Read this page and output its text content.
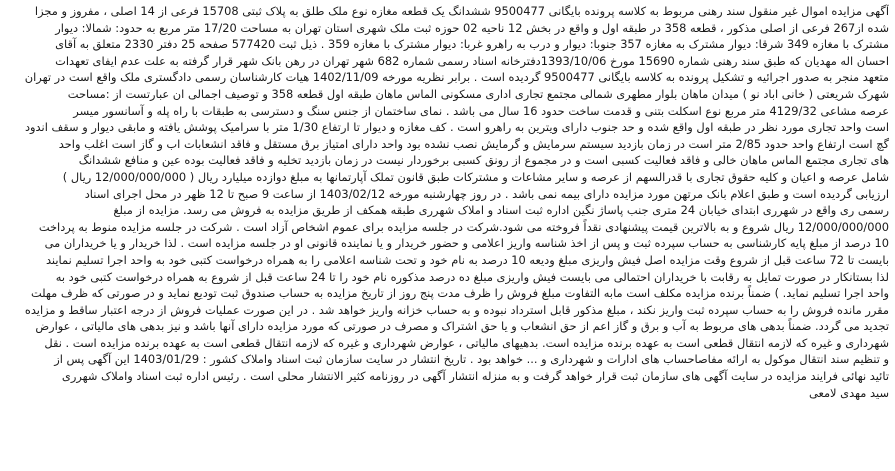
آگهی مزایده اموال غیر منقول سند رهنی مربوط به کلاسه پرونده بایگانی 9500477 ششدانگ یک قطعه مغازه نوع ملک طلق به پلاک ثبتی 15708 فرعی از 14 اصلی ، مفروز و مجزا
شده از267 فرعی از اصلی مذکور ، قطعه 358 در طبقه اول و واقع در بخش 12 ناحیه 02 حوزه ثبت ملک شهری استان تهران به مساحت 17/20 متر مربع به حدود: شمالا: دیوار
مشترک با مغازه 349 شرقا: دیوار مشترک به مغازه 357 جنوبا: دیوار و درب به راهرو غربا: دیوار مشترک با مغازه 359 . ذیل ثبت 577420 صفحه 25 دفتر 2330 متعلق به آقای
احسان اله مهدیان که طبق سند رهنی شماره 15690 مورخ 1393/10/06دفترخانه اسناد رسمی شماره 682 شهر تهران در رهن بانک شهر قرار گرفته به علت عدم ایفای تعهدات
متعهد منجر به صدور اجرائیه و تشکیل پرونده به کلاسه بایگانی 9500477 گردیده است . برابر نظریه مورخه 1402/11/09 هیات کارشناسان رسمی دادگستری ملک واقع است در تهران
شهرک شریعتی ( خانی اباد نو ) میدان ماهان بلوار مطهری شمالی مجتمع تجاری اداری مسکونی الماس ماهان طبقه اول قطعه 358 و توصیف اجمالی ان عبارتست از :مساحت
عرصه مشاعی 4129/32 متر مربع نوع اسکلت بتنی و قدمت ساخت حدود 16 سال می باشد . نمای ساختمان از جنس سنگ و دسترسی به طبقات با راه پله و آسانسور میسر
است واحد تجاری مورد نظر در طبقه اول واقع شده و حد جنوب دارای ویترین به راهرو است . کف مغازه و دیوار تا ارتفاع 1/30 متر با سرامیک پوشش یافته و مابقی دیوار و سقف اندود
گچ است ارتفاع واحد حدود 2/85 متر است در زمان بازدید سیستم سرمایش و گرمایش نصب نشده بود واحد دارای امتیاز برق مستقل و فاقد انشعابات اب و گاز است اغلب واحد
های تجاری مجتمع الماس ماهان خالی و فاقد فعالیت کسبی است و در مجموع از رونق کسبی برخوردار نیست در زمان بازدید تخلیه و فاقد فعالیت بوده عین و منافع ششدانگ
شامل عرصه و اعیان و کلیه حقوق تجاری با قدرالسهم از عرصه و سایر مشاعات و مشترکات طبق قانون تملک آپارتمانها به مبلغ دوازده میلیارد ریال ( 12/000/000/000 ریال )
ارزیابی گردیده است و طبق اعلام بانک مرتهن مورد مزایده دارای بیمه نمی باشد . در روز چهارشنبه مورخه 1403/02/12 از ساعت 9 صبح تا 12 ظهر در محل اجرای اسناد
رسمی ری واقع در شهرری ابتدای خیابان 24 متری جنب پاساژ نگین اداره ثبت اسناد و املاک شهرری طبقه همکف از طریق مزایده به فروش می رسد. مزایده از مبلغ
12/000/000/000 ریال شروع و به بالاترین قیمت پیشنهادی نقداً فروخته می شود.شرکت در جلسه مزایده برای عموم اشخاص آزاد است . شرکت در جلسه مزایده منوط به پرداخت
10 درصد از مبلغ پایه کارشناسی به حساب سپرده ثبت و پس از اخذ شناسه واریز اعلامی و حضور خریدار و یا نماینده قانونی او در جلسه مزایده است . لذا خریدار و یا خریداران می
بایست تا 72 ساعت قبل از شروع وقت مزایده اصل فیش واریزی مبلغ ودیعه 10 درصد به نام خود و تحت شناسه اعلامی را به همراه درخواست کتبی خود به واحد اجرا تسلیم نمایند
لذا بستانکار در صورت تمایل به رقابت با خریداران احتمالی می بایست فیش واریزی مبلغ ده درصد مذکوره نام خود را تا 24 ساعت قبل از شروع به همراه درخواست کتبی خود به
واحد اجرا تسلیم نماید. ) ضمناً برنده مزایده مکلف است مابه التفاوت مبلغ فروش را ظرف مدت پنج روز از تاریخ مزایده به حساب صندوق ثبت تودیع نماید و در صورتی که ظرف مهلت
مقرر مانده فروش را به حساب سپرده ثبت واریز نکند ، مبلغ مذکور قابل استرداد نبوده و به حساب خزانه واریز خواهد شد . در این صورت عملیات فروش از درجه اعتبار ساقط و مزایده
تجدید می گردد. ضمناً بدهی های مربوط به آب و برق و گاز اعم از حق انشعاب و یا حق اشتراک و مصرف در صورتی که مورد مزایده دارای آنها باشد و نیز بدهی های مالیاتی ، عوارض
شهرداری و غیره که لازمه انتقال قطعی است به عهده برنده مزایده است. بدهیهای مالیاتی ، عوارض شهرداری و غیره که لازمه انتقال قطعی است به عهده برنده مزایده است . نقل
و تنظیم سند انتقال موکول به ارائه مفاصاحساب های ادارات و شهرداری و ... خواهد بود . تاریخ انتشار در سایت سازمان ثبت اسناد واملاک کشور : 1403/01/29 این آگهی پس از
تائید نهائی فرایند مزایده در سایت آگهی های سازمان ثبت قرار خواهد گرفت و به منزله انتشار آگهی در روزنامه کثیر الانتشار محلی است . رئیس اداره ثبت اسناد واملاک شهرری
سید مهدی لامعی
